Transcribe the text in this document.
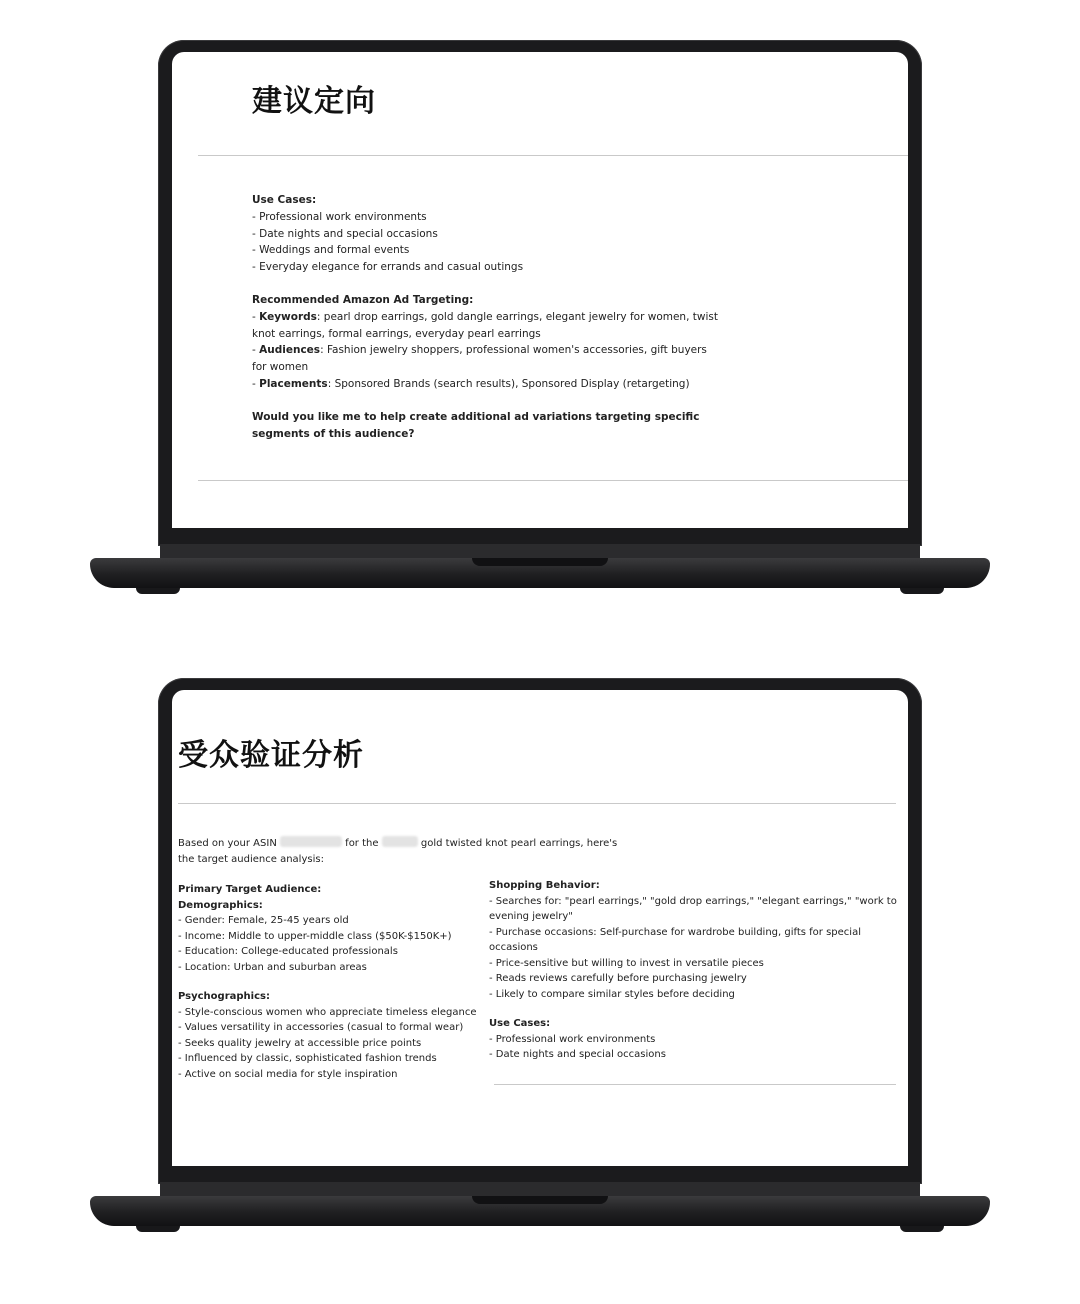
建议定向

Use Cases:

- Professional work environments

- Date nights and special occasions

- Weddings and formal events

- Everyday elegance for errands and casual outings

Recommended Amazon Ad Targeting:

- Keywords: pearl drop earrings, gold dangle earrings, elegant jewelry for women, twist knot earrings, formal earrings, everyday pearl earrings

- Audiences: Fashion jewelry shoppers, professional women's accessories, gift buyers for women

- Placements: Sponsored Brands (search results), Sponsored Display (retargeting)

Would you like me to help create additional ad variations targeting specific segments of this audience?

受众验证分析

Based on your ASIN	for the	gold twisted knot pearl earrings, here's

the target audience analysis:

Primary Target Audience:

Demographics:

- Gender: Female, 25-45 years old

- Income: Middle to upper-middle class ($50K-$150K+)

- Education: College-educated professionals

- Location: Urban and suburban areas

Psychographics:

- Style-conscious women who appreciate timeless elegance

- Values versatility in accessories (casual to formal wear)

- Seeks quality jewelry at accessible price points

- Influenced by classic, sophisticated fashion trends

- Active on social media for style inspiration

Shopping Behavior:

- Searches for: "pearl earrings," "gold drop earrings," "elegant earrings," "work to evening jewelry"

- Purchase occasions: Self-purchase for wardrobe building, gifts for special occasions

- Price-sensitive but willing to invest in versatile pieces

- Reads reviews carefully before purchasing jewelry

- Likely to compare similar styles before deciding

Use Cases:

- Professional work environments

- Date nights and special occasions
